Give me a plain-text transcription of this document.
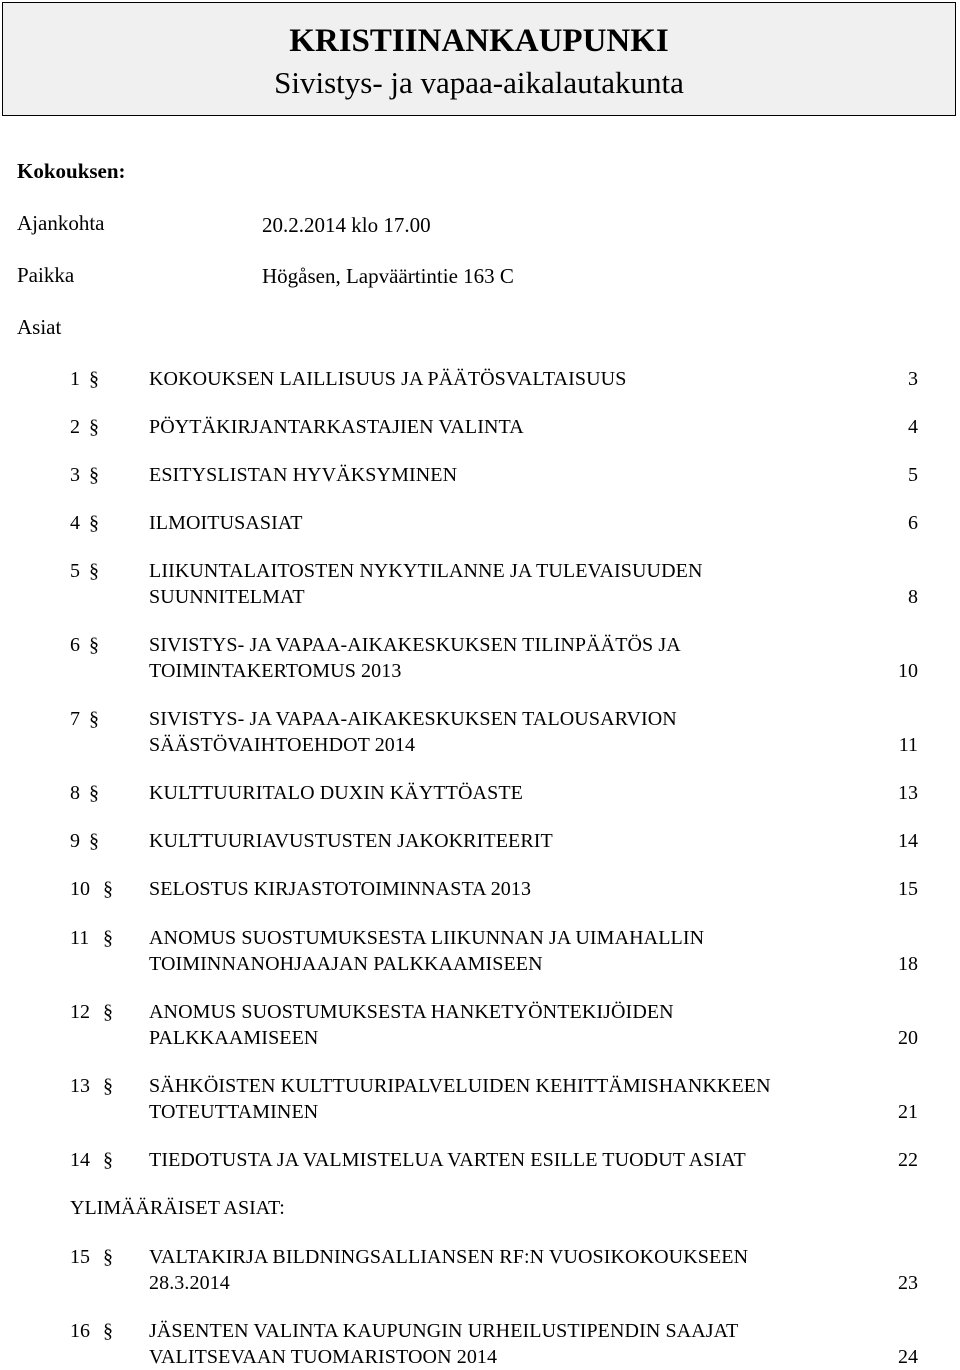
KRISTIINANKAUPUNKI
Sivistys- ja vapaa-aikalautakunta
Kokouksen:
Ajankohta	20.2.2014 klo 17.00
Paikka	Högåsen, Lapväärtintie 163 C
Asiat
1 §	KOKOUKSEN LAILLISUUS JA PÄÄTÖSVALTAISUUS	3
2 §	PÖYTÄKIRJANTARKASTAJIEN VALINTA	4
3 §	ESITYSLISTAN HYVÄKSYMINEN	5
4 §	ILMOITUSASIAT	6
5 §	LIIKUNTALAITOSTEN NYKYTILANNE JA TULEVAISUUDEN
SUUNNITELMAT	8
6 §	SIVISTYS- JA VAPAA-AIKAKESKUKSEN TILINPÄÄTÖS JA
TOIMINTAKERTOMUS 2013	10
7 §	SIVISTYS- JA VAPAA-AIKAKESKUKSEN TALOUSARVION
SÄÄSTÖVAIHTOEHDOT 2014	11
8 §	KULTTUURITALO DUXIN KÄYTTÖASTE	13
9 §	KULTTUURIAVUSTUSTEN JAKOKRITEERIT	14
10 § SELOSTUS KIRJASTOTOIMINNASTA 2013	15
11 § ANOMUS SUOSTUMUKSESTA LIIKUNNAN JA UIMAHALLIN
TOIMINNANOHJAAJAN PALKKAAMISEEN	18
12 § ANOMUS SUOSTUMUKSESTA HANKETYÖNTEKIJÖIDEN
PALKKAAMISEEN	20
13 § SÄHKÖISTEN KULTTUURIPALVELUIDEN KEHITTÄMISHANKKEEN
TOTEUTTAMINEN	21
14 § TIEDOTUSTA JA VALMISTELUA VARTEN ESILLE TUODUT ASIAT	22
YLIMÄÄRÄISET ASIAT:
15 § VALTAKIRJA BILDNINGSALLIANSEN RF:N VUOSIKOKOUKSEEN
28.3.2014	23
16 § JÄSENTEN VALINTA KAUPUNGIN URHEILUSTIPENDIN SAAJAT
VALITSEVAAN TUOMARISTOON 2014	24
